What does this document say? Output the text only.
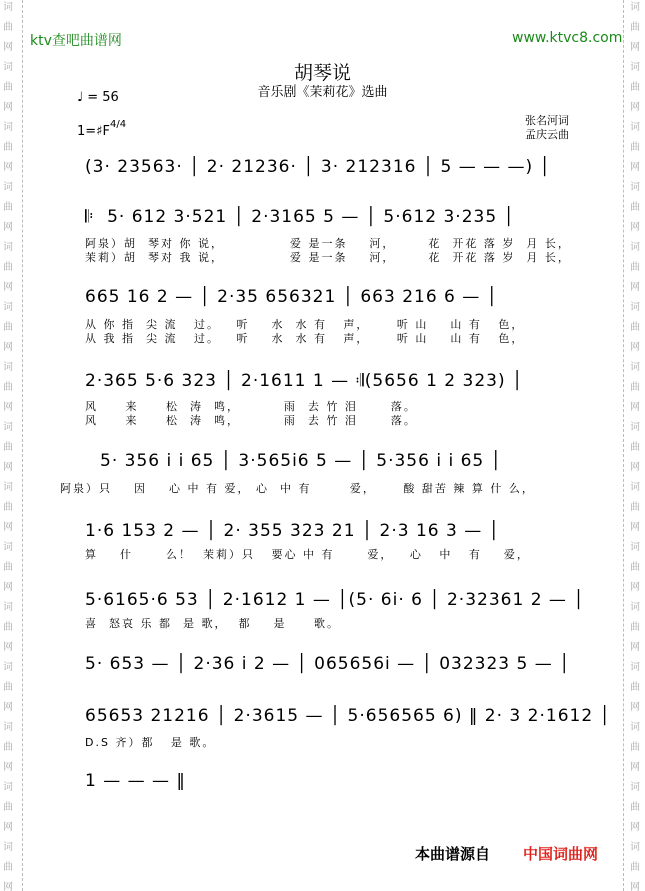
词曲网
词曲网
词曲网
词曲网
词曲网
词曲网
词曲网
词曲网
词曲网
词曲网
词曲网
词曲网
词曲网
词曲网
词曲网
词曲网
词曲网
词曲网
词曲网
词曲网
词曲网
词曲网
词曲网
词曲网
词曲网
词曲网
词曲网
词曲网
词曲网
词曲网
ktv查吧曲谱网	www.ktvc8.com
胡琴说
音乐剧《茉莉花》选曲
♩ = 56
1=♯F 4/4	张名河词
孟庆云曲
(3· 23563· │ 2· 21236· │ 3· 212316 │ 5 — — —) │
𝄆  5· 612 3·521 │ 2·3165 5 — │ 5·612 3·235 │
阿泉）胡  琴对 你 说，            爱 是一条    河，      花  开花 落 岁  月 长，
茉莉）胡  琴对 我 说，            爱 是一条    河，      花  开花 落 岁  月 长，
665 16 2 — │ 2·35 656321 │ 663 216 6 — │
从 你 指  尖 流   过。   听    水  水 有   声，     听 山    山 有   色，
从 我 指  尖 流   过。   听    水  水 有   声，     听 山    山 有   色，
2·365 5·6 323 │ 2·1611 1 — 𝄇(5656 1 2 323) │
风     来     松  涛  鸣，        雨  去 竹 泪      落。
风     来     松  涛  鸣，        雨  去 竹 泪      落。
5· 356 i i 65 │ 3·565i6 5 — │ 5·356 i i 65 │
阿泉）只    因    心 中 有 爱， 心  中 有       爱，     酸 甜苦 辣 算 什 么，
1·6 153 2 — │ 2· 355 323 21 │ 2·3 16 3 — │
算    什      么！  茉莉）只   要心 中 有      爱，   心   中   有    爱，
5·6165·6 53 │ 2·1612 1 — │(5· 6i· 6 │ 2·32361 2 — │
喜  怒哀 乐 都  是 歌，  都    是     歌。
5· 653 — │ 2·36 i 2 — │ 065656i — │ 032323 5 — │
65653 21216 │ 2·3615 — │ 5·656565 6) ‖ 2· 3 2·1612 │
D.S 齐）都   是 歌。
1 — — — ‖
本曲谱源自 中国词曲网
